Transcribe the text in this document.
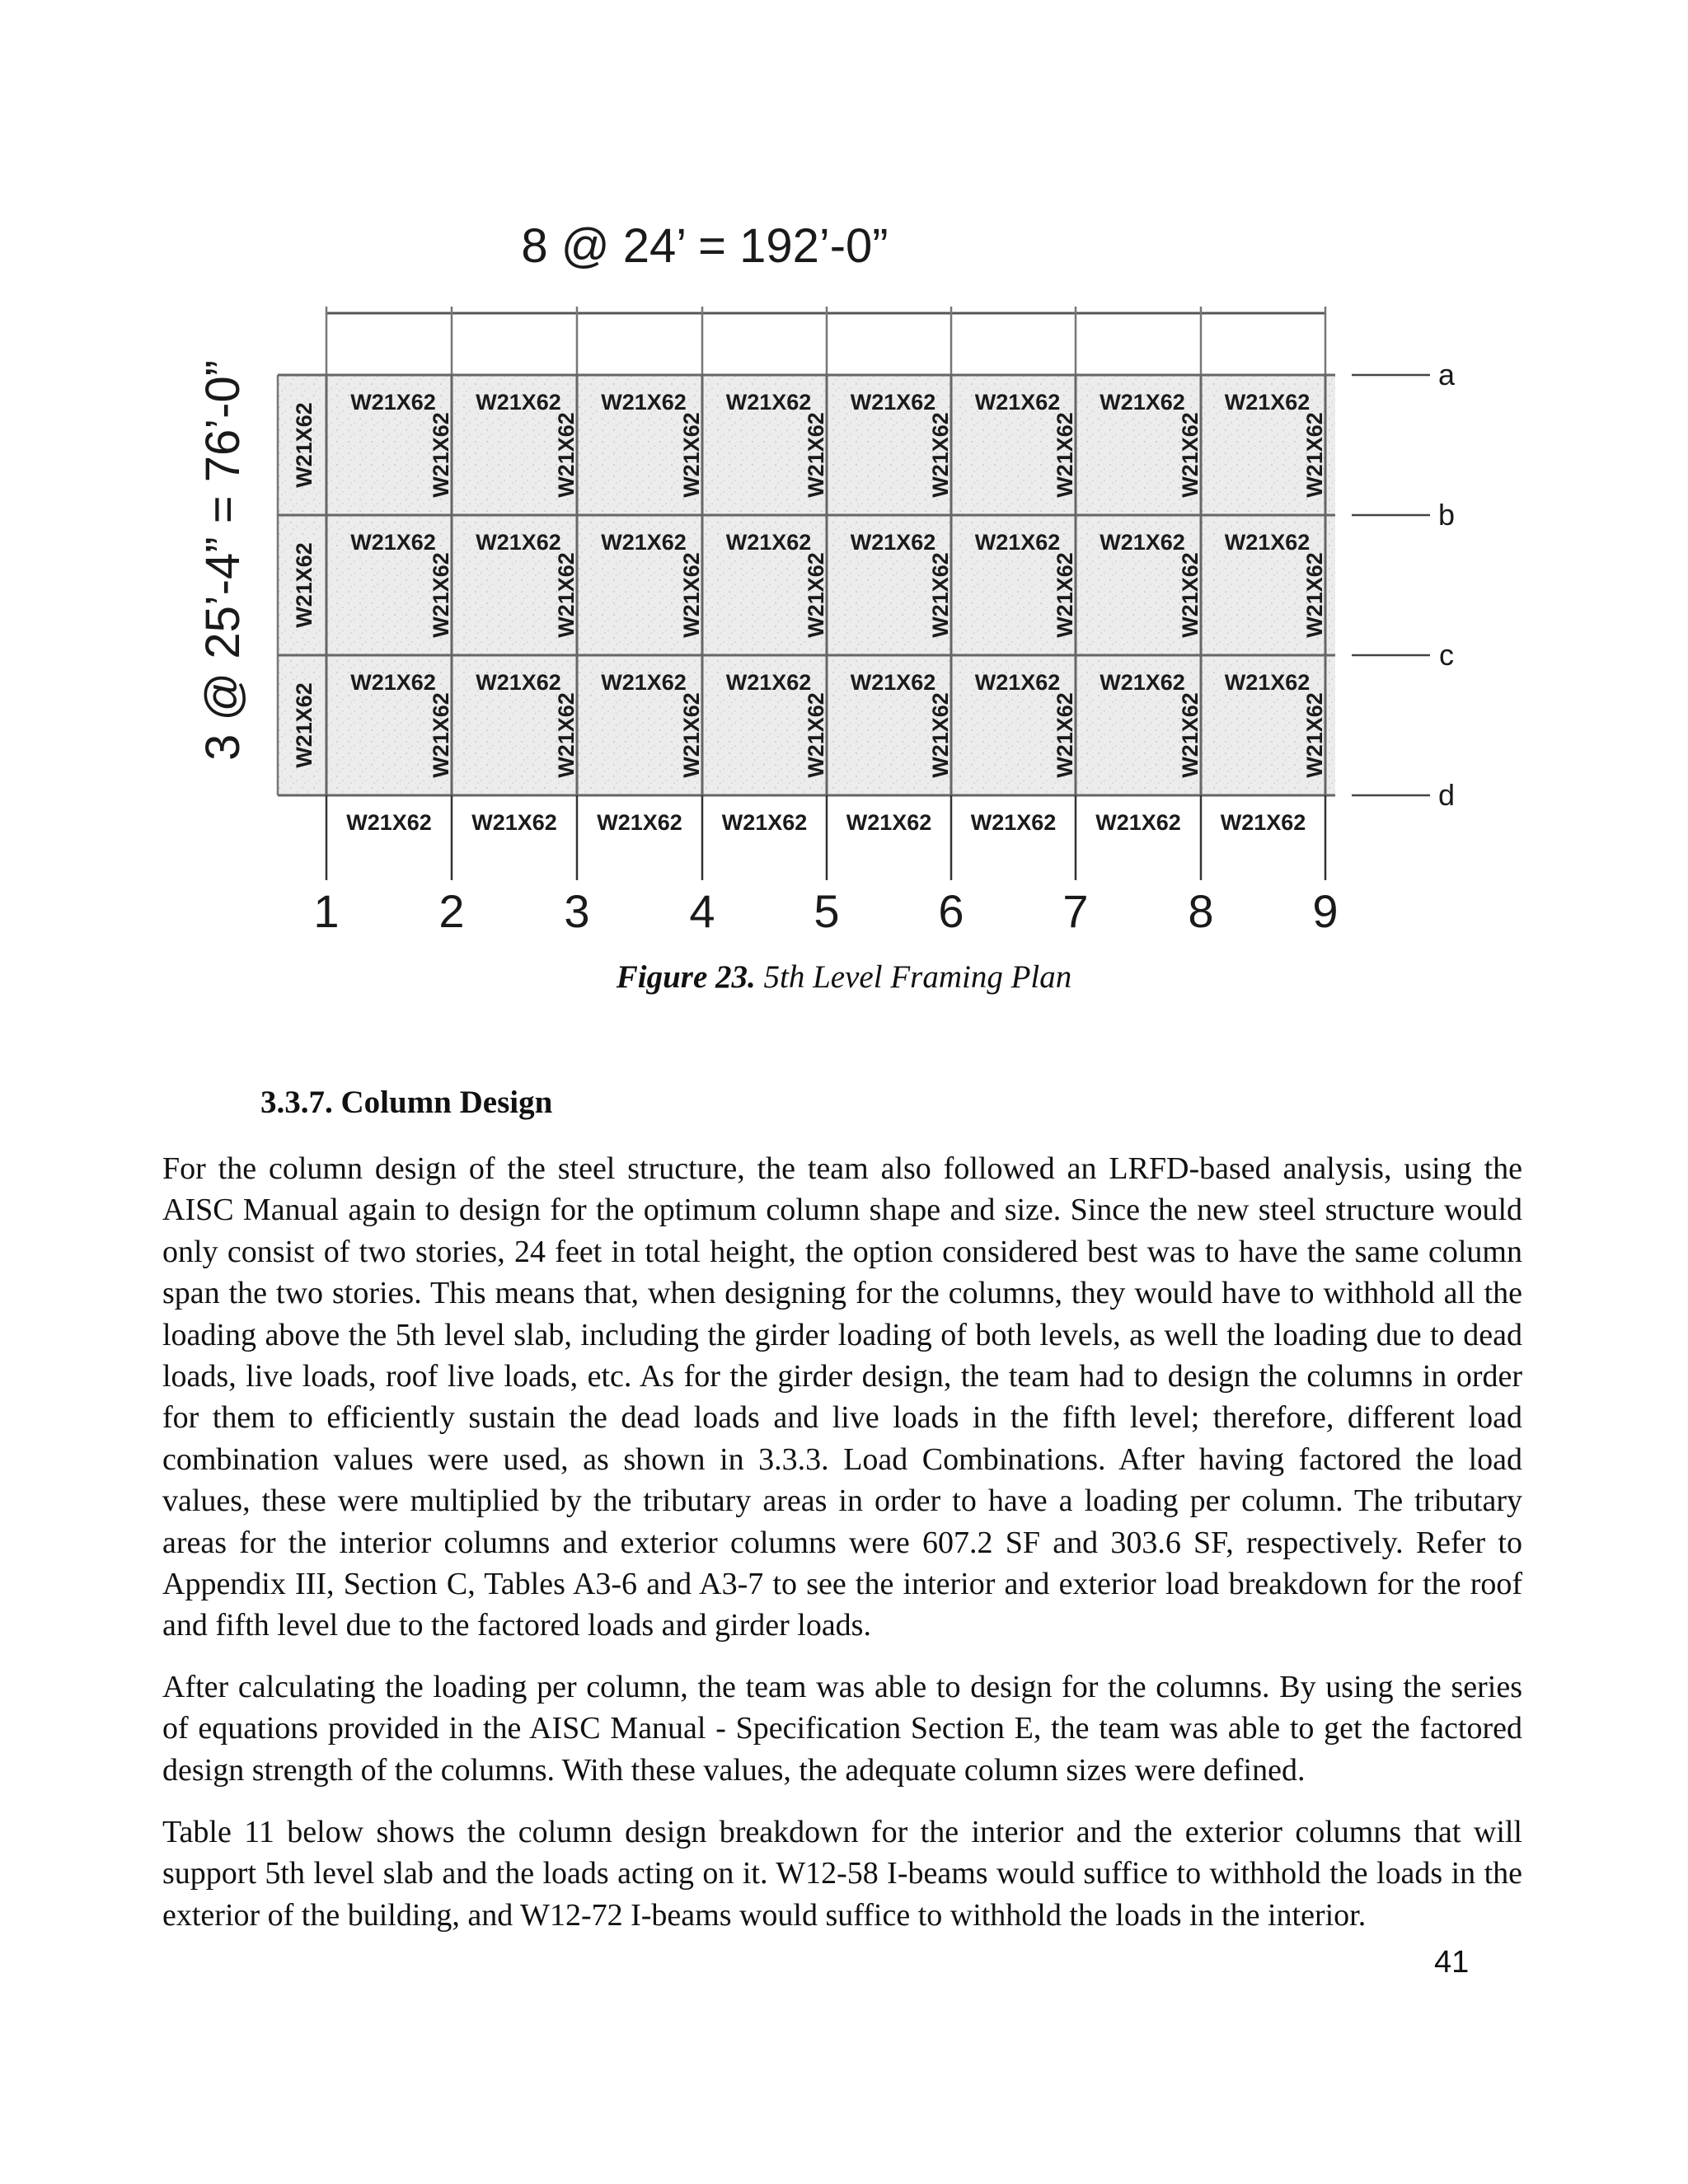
8 @ 24’ = 192’-0”
3 @ 25’-4” = 76’-0”	a
b
c
d
1 2 3 4 5 6 7 8 9
W21X62 W21X62 W21X62 W21X62 W21X62 W21X62 W21X62 W21X62
W21X62 W21X62 W21X62 W21X62 W21X62 W21X62 W21X62 W21X62
W21X62 W21X62 W21X62 W21X62 W21X62 W21X62 W21X62 W21X62
W21X62 W21X62 W21X62 W21X62 W21X62 W21X62 W21X62 W21X62
W21X62	W21X62	W21X62	W21X62	W21X62	W21X62	W21X62	W21X62	W21X62
W21X62	W21X62	W21X62	W21X62	W21X62	W21X62	W21X62	W21X62	W21X62
W21X62	W21X62	W21X62	W21X62	W21X62	W21X62	W21X62	W21X62	W21X62
Figure 23. 5th Level Framing Plan
3.3.7. Column Design

For the column design of the steel structure, the team also followed an LRFD-based analysis, using the AISC Manual again to design for the optimum column shape and size. Since the new steel structure would only consist of two stories, 24 feet in total height, the option considered best was to have the same column span the two stories. This means that, when designing for the columns, they would have to withhold all the loading above the 5th level slab, including the girder loading of both levels, as well the loading due to dead loads, live loads, roof live loads, etc. As for the girder design, the team had to design the columns in order for them to efficiently sustain the dead loads and live loads in the fifth level; therefore, different load combination values were used, as shown in 3.3.3. Load Combinations. After having factored the load values, these were multiplied by the tributary areas in order to have a loading per column. The tributary areas for the interior columns and exterior columns were 607.2 SF and 303.6 SF, respectively. Refer to Appendix III, Section C, Tables A3-6 and A3-7 to see the interior and exterior load breakdown for the roof and fifth level due to the factored loads and girder loads.

After calculating the loading per column, the team was able to design for the columns. By using the series of equations provided in the AISC Manual - Specification Section E, the team was able to get the factored design strength of the columns. With these values, the adequate column sizes were defined.

Table 11 below shows the column design breakdown for the interior and the exterior columns that will support 5th level slab and the loads acting on it. W12-58 I-beams would suffice to withhold the loads in the exterior of the building, and W12-72 I-beams would suffice to withhold the loads in the interior.

41
